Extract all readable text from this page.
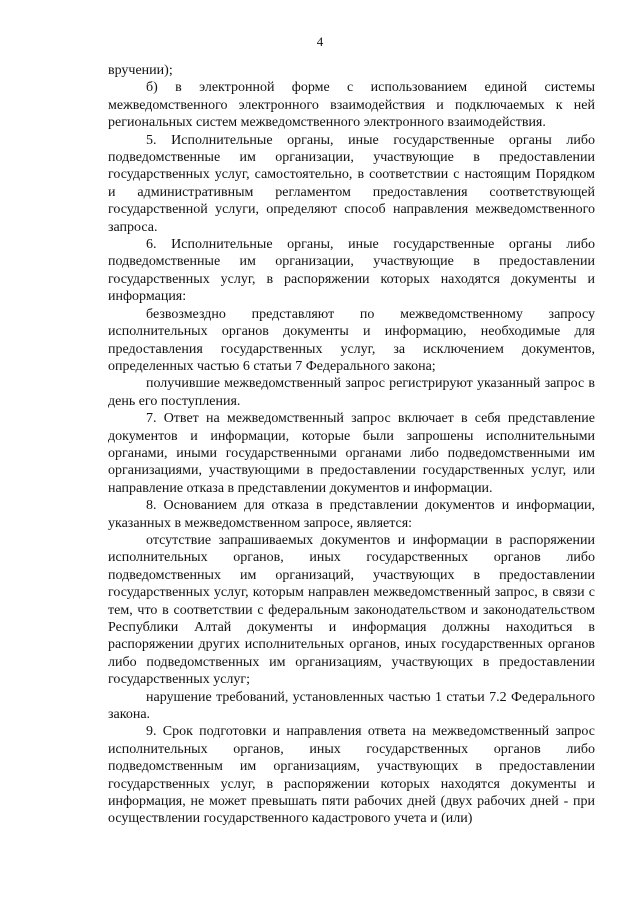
4

вручении);

б) в электронной форме с использованием единой системы межведомственного электронного взаимодействия и подключаемых к ней региональных систем межведомственного электронного взаимодействия.

5. Исполнительные органы, иные государственные органы либо подведомственные им организации, участвующие в предоставлении государственных услуг, самостоятельно, в соответствии с настоящим Порядком и административным регламентом предоставления соответствующей государственной услуги, определяют способ направления межведомственного запроса.

6. Исполнительные органы, иные государственные органы либо подведомственные им организации, участвующие в предоставлении государственных услуг, в распоряжении которых находятся документы и информация:

безвозмездно представляют по межведомственному запросу исполнительных органов документы и информацию, необходимые для предоставления государственных услуг, за исключением документов, определенных частью 6 статьи 7 Федерального закона;

получившие межведомственный запрос регистрируют указанный запрос в день его поступления.

7. Ответ на межведомственный запрос включает в себя представление документов и информации, которые были запрошены исполнительными органами, иными государственными органами либо подведомственными им организациями, участвующими в предоставлении государственных услуг, или направление отказа в представлении документов и информации.

8. Основанием для отказа в представлении документов и информации, указанных в межведомственном запросе, является:

отсутствие запрашиваемых документов и информации в распоряжении исполнительных органов, иных государственных органов либо подведомственных им организаций, участвующих в предоставлении государственных услуг, которым направлен межведомственный запрос, в связи с тем, что в соответствии с федеральным законодательством и законодательством Республики Алтай документы и информация должны находиться в распоряжении других исполнительных органов, иных государственных органов либо подведомственных им организациям, участвующих в предоставлении государственных услуг;

нарушение требований, установленных частью 1 статьи 7.2 Федерального закона.

9. Срок подготовки и направления ответа на межведомственный запрос исполнительных органов, иных государственных органов либо подведомственным им организациям, участвующих в предоставлении государственных услуг, в распоряжении которых находятся документы и информация, не может превышать пяти рабочих дней (двух рабочих дней - при осуществлении государственного кадастрового учета и (или)
